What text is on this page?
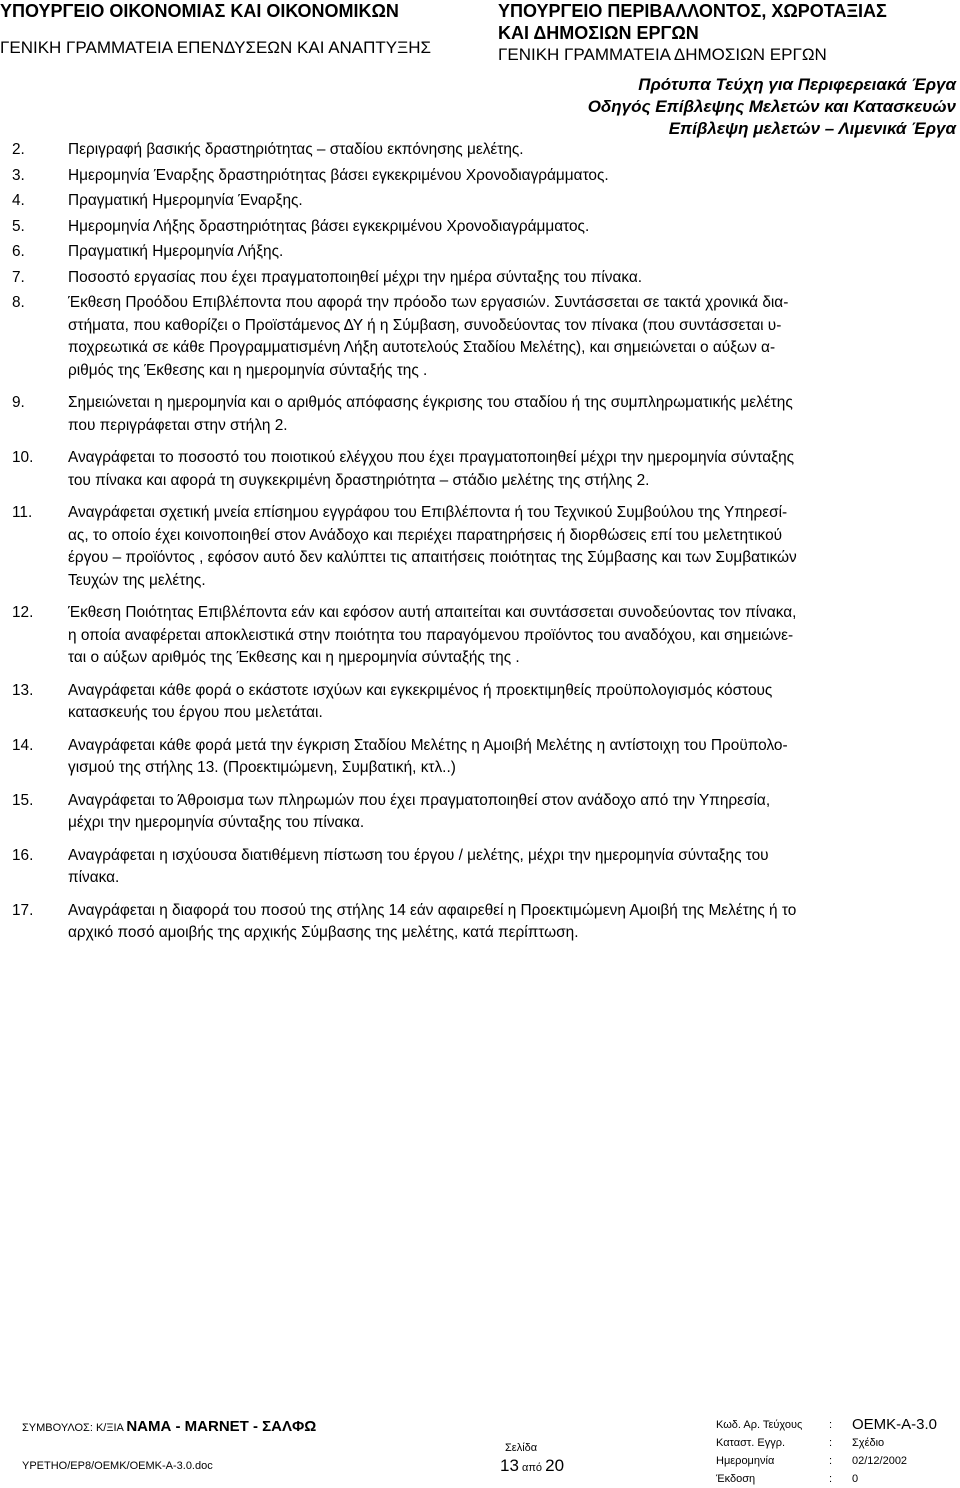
ΥΠΟΥΡΓΕΙΟ ΟΙΚΟΝΟΜΙΑΣ ΚΑΙ ΟΙΚΟΝΟΜΙΚΩΝ
ΓΕΝΙΚΗ ΓΡΑΜΜΑΤΕΙΑ ΕΠΕΝΔΥΣΕΩΝ ΚΑΙ ΑΝΑΠΤΥΞΗΣ
ΥΠΟΥΡΓΕΙΟ ΠΕΡΙΒΑΛΛΟΝΤΟΣ, ΧΩΡΟΤΑΞΙΑΣ
ΚΑΙ ΔΗΜΟΣΙΩΝ ΕΡΓΩΝ
ΓΕΝΙΚΗ ΓΡΑΜΜΑΤΕΙΑ ΔΗΜΟΣΙΩΝ ΕΡΓΩΝ
Πρότυπα Τεύχη για Περιφερειακά Έργα
Οδηγός Επίβλεψης Μελετών και Κατασκευών
Επίβλεψη μελετών – Λιμενικά Έργα
2.	Περιγραφή βασικής δραστηριότητας – σταδίου εκπόνησης μελέτης.
3.	Ημερομηνία Έναρξης δραστηριότητας βάσει εγκεκριμένου Χρονοδιαγράμματος.
4.	Πραγματική Ημερομηνία Έναρξης.
5.	Ημερομηνία Λήξης δραστηριότητας βάσει εγκεκριμένου Χρονοδιαγράμματος.
6.	Πραγματική Ημερομηνία Λήξης.
7.	Ποσοστό εργασίας που έχει πραγματοποιηθεί μέχρι την ημέρα σύνταξης του πίνακα.
8.	Έκθεση Προόδου Επιβλέποντα που αφορά την πρόοδο των εργασιών. Συντάσσεται σε τακτά χρονικά δια-
στήματα, που καθορίζει ο Προϊστάμενος ΔΥ ή η Σύμβαση, συνοδεύοντας τον πίνακα (που συντάσσεται υ-
ποχρεωτικά σε κάθε Προγραμματισμένη Λήξη αυτοτελούς Σταδίου Μελέτης), και σημειώνεται ο αύξων α-
ριθμός της Έκθεσης και η ημερομηνία σύνταξής της .
9.	Σημειώνεται η ημερομηνία και ο αριθμός απόφασης έγκρισης του σταδίου ή της συμπληρωματικής μελέτης
που περιγράφεται στην στήλη 2.
10. Αναγράφεται το ποσοστό του ποιοτικού ελέγχου που έχει πραγματοποιηθεί μέχρι την ημερομηνία σύνταξης
του πίνακα και αφορά τη συγκεκριμένη δραστηριότητα – στάδιο μελέτης της στήλης 2.
11. Αναγράφεται σχετική μνεία επίσημου εγγράφου του Επιβλέποντα ή του Τεχνικού Συμβούλου της Υπηρεσί-
ας, το οποίο έχει κοινοποιηθεί στον Ανάδοχο και περιέχει παρατηρήσεις ή διορθώσεις επί του μελετητικού
έργου – προϊόντος , εφόσον αυτό δεν καλύπτει τις απαιτήσεις ποιότητας της Σύμβασης και των Συμβατικών
Τευχών της μελέτης.
12. Έκθεση Ποιότητας Επιβλέποντα εάν και εφόσον αυτή απαιτείται και συντάσσεται συνοδεύοντας τον πίνακα,
η οποία αναφέρεται αποκλειστικά στην ποιότητα του παραγόμενου προϊόντος του αναδόχου, και σημειώνε-
ται ο αύξων αριθμός της Έκθεσης και η ημερομηνία σύνταξής της .
13. Αναγράφεται κάθε φορά ο εκάστοτε ισχύων και εγκεκριμένος ή προεκτιμηθείς προϋπολογισμός κόστους
κατασκευής του έργου που μελετάται.
14. Αναγράφεται κάθε φορά μετά την έγκριση Σταδίου Μελέτης η Αμοιβή Μελέτης η αντίστοιχη του Προϋπολο-
γισμού της στήλης 13. (Προεκτιμώμενη, Συμβατική, κτλ..)
15. Αναγράφεται το Άθροισμα των πληρωμών που έχει πραγματοποιηθεί στον ανάδοχο από την Υπηρεσία,
μέχρι την ημερομηνία σύνταξης του πίνακα.
16. Αναγράφεται η ισχύουσα διατιθέμενη πίστωση του έργου / μελέτης, μέχρι την ημερομηνία σύνταξης του
πίνακα.
17. Αναγράφεται η διαφορά του ποσού της στήλης 14 εάν αφαιρεθεί η Προεκτιμώμενη Αμοιβή της Μελέτης ή το
αρχικό ποσό αμοιβής της αρχικής Σύμβασης της μελέτης, κατά περίπτωση.
ΣΥΜΒΟΥΛΟΣ: Κ/ΞΙΑ ΝΑΜΑ - MARNET - ΣΑΛΦΩ
ΥΡΕΤΗΟ/ΕΡ8/ΟΕΜΚ/ΟΕΜΚ-Α-3.0.doc
Σελίδα
13 από 20
Κωδ. Αρ. Τεύχους : ΟΕΜΚ-Α-3.0
Καταστ. Εγγρ.	: Σχέδιο
Ημερομηνία	: 02/12/2002
Έκδοση	: 0
